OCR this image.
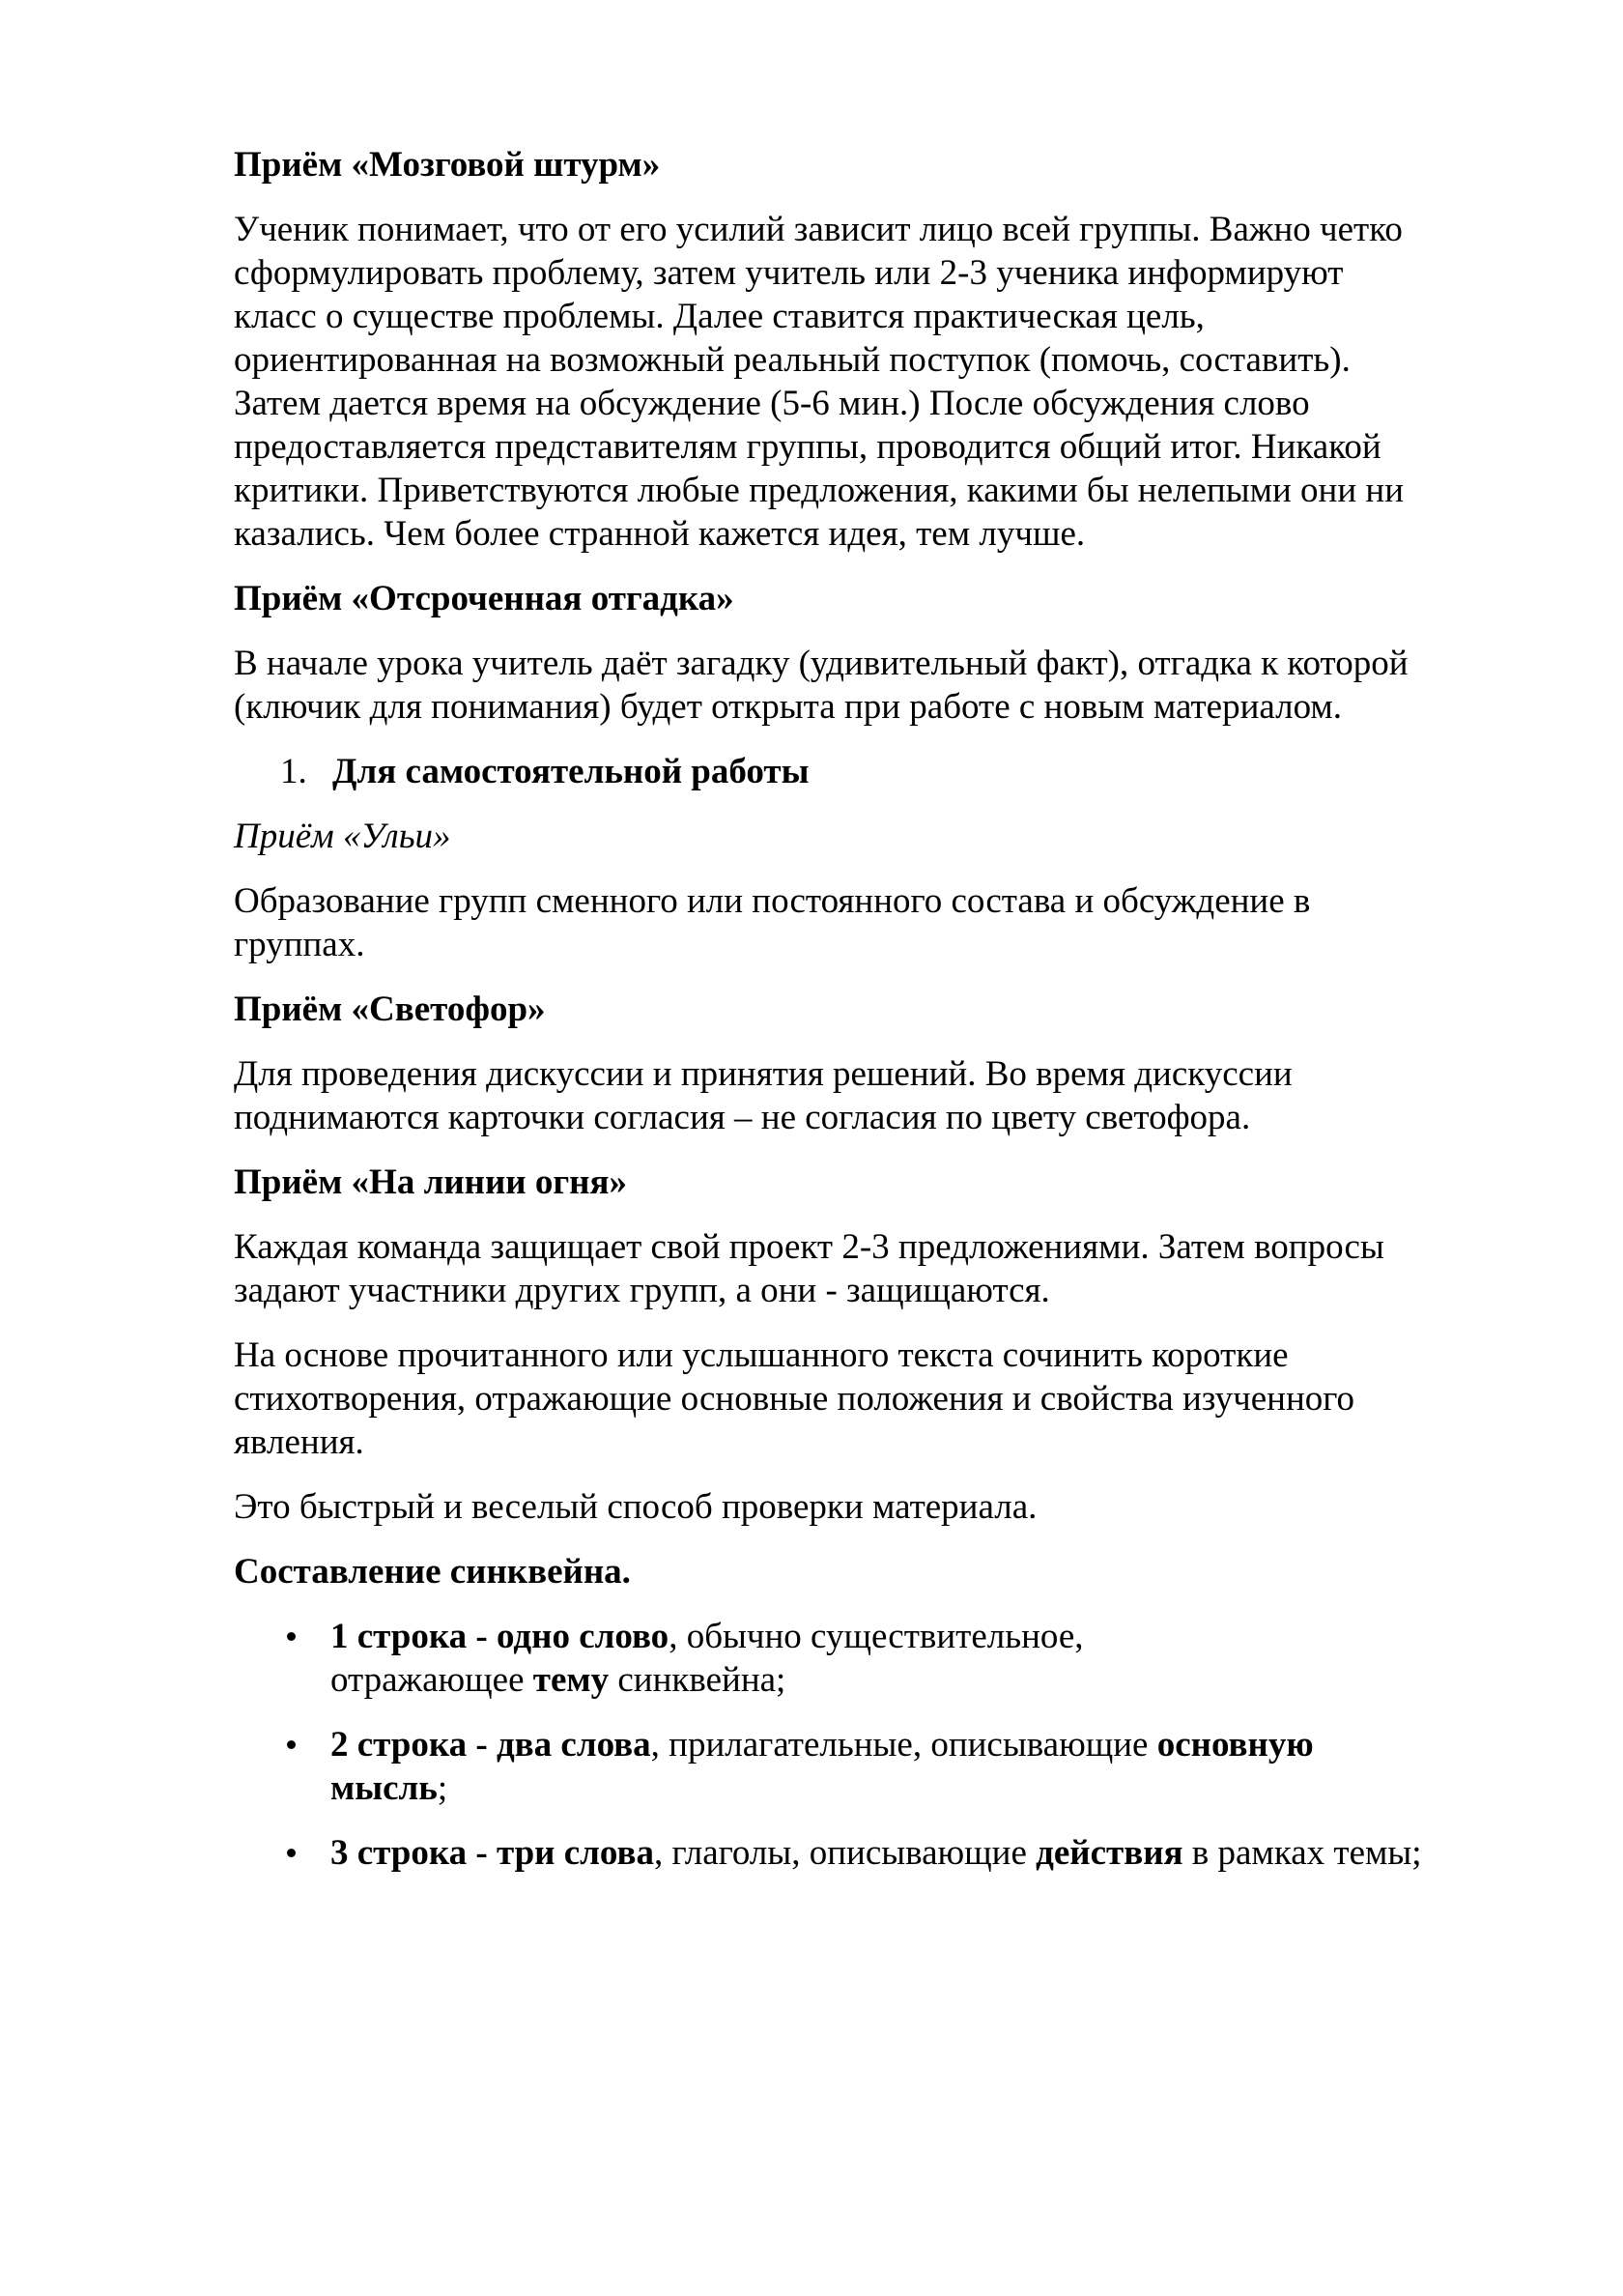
Приём «Мозговой штурм»

Ученик понимает, что от его усилий зависит лицо всей группы. Важно четко
сформулировать проблему, затем учитель или 2-3 ученика информируют
класс о существе проблемы. Далее ставится практическая цель,
ориентированная на возможный реальный поступок (помочь, составить).
Затем дается время на обсуждение (5-6 мин.) После обсуждения слово
предоставляется представителям группы, проводится общий итог. Никакой
критики. Приветствуются любые предложения, какими бы нелепыми они ни
казались. Чем более странной кажется идея, тем лучше.

Приём «Отсроченная отгадка»

В начале урока учитель даёт загадку (удивительный факт), отгадка к которой
(ключик для понимания) будет открыта при работе с новым материалом.

1. Для самостоятельной работы

Приём «Ульи»

Образование групп сменного или постоянного состава и обсуждение в
группах.

Приём «Светофор»

Для проведения дискуссии и принятия решений. Во время дискуссии
поднимаются карточки согласия – не согласия по цвету светофора.

Приём «На линии огня»

Каждая команда защищает свой проект 2-3 предложениями. Затем вопросы
задают участники других групп, а они - защищаются.

На основе прочитанного или услышанного текста сочинить короткие
стихотворения, отражающие основные положения и свойства изученного
явления.

Это быстрый и веселый способ проверки материала.

Составление синквейна.

1 строка - одно слово, обычно существительное,
отражающее тему синквейна;
2 строка - два слова, прилагательные, описывающие основную
мысль;
3 строка - три слова, глаголы, описывающие действия в рамках темы;
